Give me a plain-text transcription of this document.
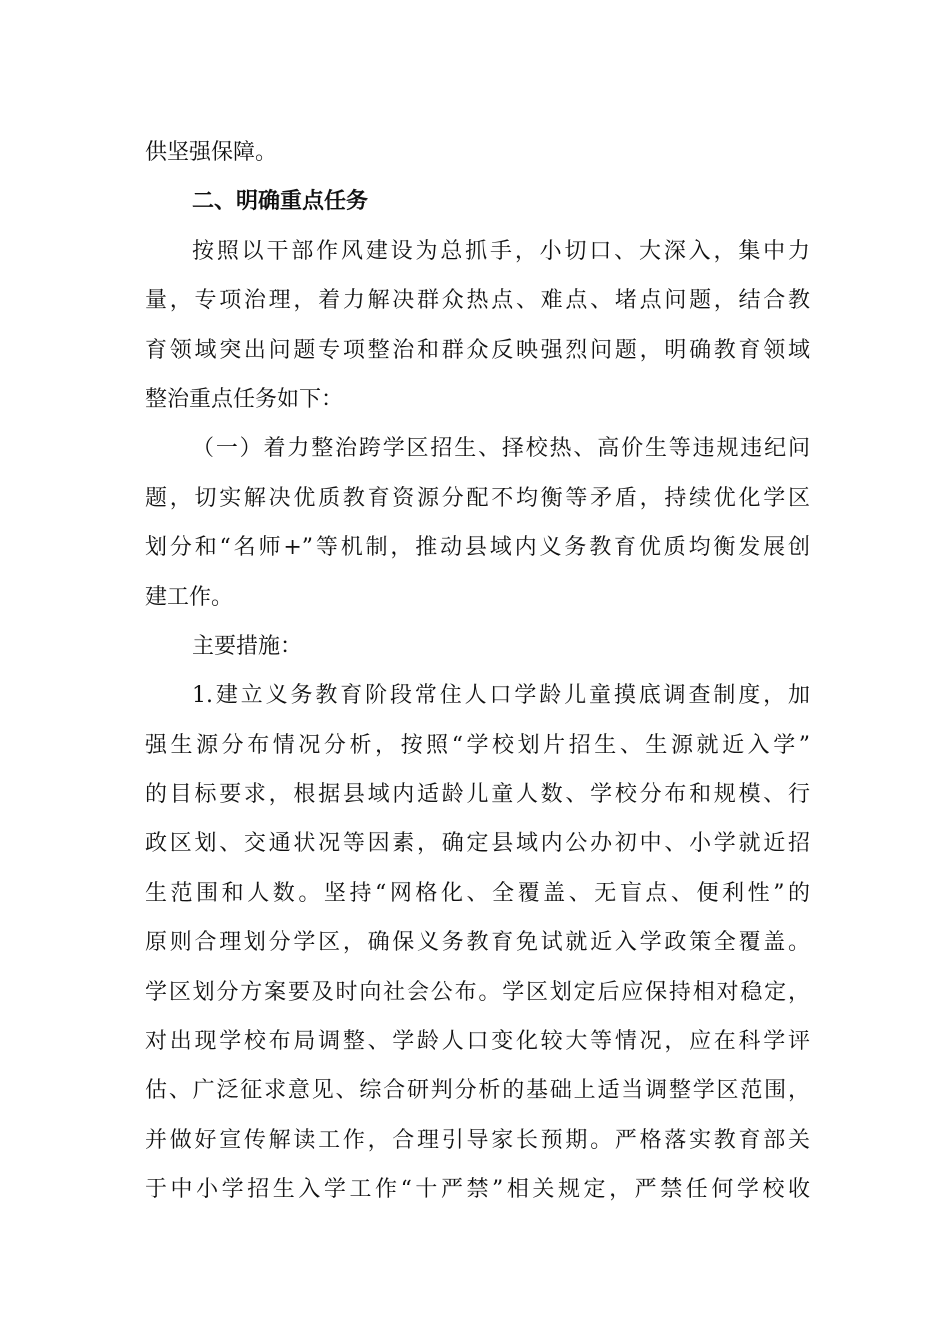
供坚强保障。
二、明确重点任务
按照以干部作风建设为总抓手，小切口、大深入，集中力
量，专项治理，着力解决群众热点、难点、堵点问题，结合教
育领域突出问题专项整治和群众反映强烈问题，明确教育领域
整治重点任务如下：
（一）着力整治跨学区招生、择校热、高价生等违规违纪问
题，切实解决优质教育资源分配不均衡等矛盾，持续优化学区
划分和“名师+”等机制，推动县域内义务教育优质均衡发展创
建工作。
主要措施：
1.建立义务教育阶段常住人口学龄儿童摸底调查制度，加
强生源分布情况分析，按照“学校划片招生、生源就近入学”
的目标要求，根据县域内适龄儿童人数、学校分布和规模、行
政区划、交通状况等因素，确定县域内公办初中、小学就近招
生范围和人数。坚持“网格化、全覆盖、无盲点、便利性”的
原则合理划分学区，确保义务教育免试就近入学政策全覆盖。
学区划分方案要及时向社会公布。学区划定后应保持相对稳定，
对出现学校布局调整、学龄人口变化较大等情况，应在科学评
估、广泛征求意见、综合研判分析的基础上适当调整学区范围，
并做好宣传解读工作，合理引导家长预期。严格落实教育部关
于中小学招生入学工作“十严禁”相关规定，严禁任何学校收
